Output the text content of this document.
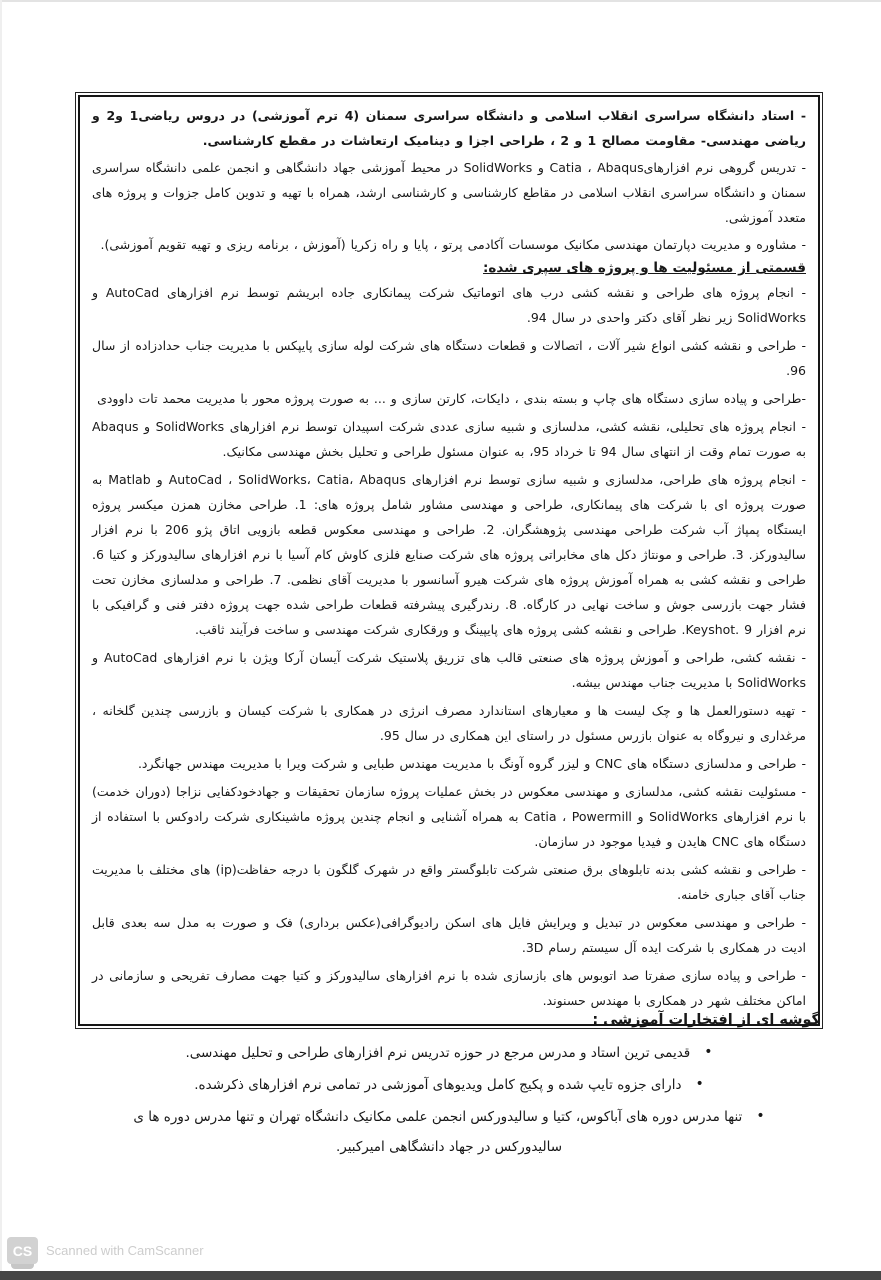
- استاد دانشگاه سراسری انقلاب اسلامی و دانشگاه سراسری سمنان (4 ترم آموزشی) در دروس ریاضی1 و2 و ریاضی مهندسی- مقاومت مصالح 1 و 2 ، طراحی اجزا و دینامیک ارتعاشات در مقطع کارشناسی.

- تدریس گروهی نرم افزارهایCatia ، Abaqus و SolidWorks در محیط آموزشی جهاد دانشگاهی و انجمن علمی دانشگاه سراسری سمنان و دانشگاه سراسری انقلاب اسلامی در مقاطع کارشناسی و کارشناسی ارشد، همراه با تهیه و تدوین کامل جزوات و پروژه های متعدد آموزشی.

- مشاوره و مدیریت دپارتمان مهندسی مکانیک موسسات آکادمی پرتو ، پایا و راه زکریا (آموزش ، برنامه ریزی و تهیه تقویم آموزشی).

قسمتی از مسئولیت ها و پروژه های سپری شده:
- انجام پروژه های طراحی و نقشه کشی درب های اتوماتیک شرکت پیمانکاری جاده ابریشم توسط نرم افزارهای AutoCad و SolidWorks زیر نظر آقای دکتر واحدی در سال 94.
- طراحی و نقشه کشی انواع شیر آلات ، اتصالات و قطعات دستگاه های شرکت لوله سازی پایپکس با مدیریت جناب حدادزاده از سال 96.
-طراحی و پیاده سازی دستگاه های چاپ و بسته بندی ، دایکات، کارتن سازی و ... به صورت پروژه محور با مدیریت محمد تات داوودی
- انجام پروژه های تحلیلی، نقشه کشی، مدلسازی و شبیه سازی عددی شرکت اسپیدان توسط نرم افزارهای SolidWorks و Abaqus به صورت تمام وقت از انتهای سال 94 تا خرداد 95، به عنوان مسئول طراحی و تحلیل بخش مهندسی مکانیک.
- انجام پروژه های طراحی، مدلسازی و شبیه سازی توسط نرم افزارهای AutoCad ، SolidWorks، Catia، Abaqus و Matlab به صورت پروژه ای با شرکت های پیمانکاری، طراحی و مهندسی مشاور شامل پروژه های: 1. طراحی مخازن همزن میکسر پروژه ایستگاه پمپاژ آب شرکت طراحی مهندسی پژوهشگران. 2. طراحی و مهندسی معکوس قطعه بازویی اتاق پژو 206 با نرم افزار سالیدورکز. 3. طراحی و مونتاژ دکل های مخابراتی پروژه های شرکت صنایع فلزی کاوش کام آسیا با نرم افزارهای سالیدورکز و کتیا 6. طراحی و نقشه کشی به همراه آموزش پروژه های شرکت هیرو آسانسور با مدیریت آقای نظمی. 7. طراحی و مدلسازی مخازن تحت فشار جهت بازرسی جوش و ساخت نهایی در کارگاه. 8. رندرگیری پیشرفته قطعات طراحی شده جهت پروژه دفتر فنی و گرافیکی با نرم افزار Keyshot. 9. طراحی و نقشه کشی پروژه های پایپینگ و ورقکاری شرکت مهندسی و ساخت فرآیند ثاقب.
- نقشه کشی، طراحی و آموزش پروژه های صنعتی قالب های تزریق پلاستیک شرکت آیسان آرکا ویژن با نرم افزارهای AutoCad و SolidWorks با مدیریت جناب مهندس بیشه.
- تهیه دستورالعمل ها و چک لیست ها و معیارهای استاندارد مصرف انرژی در همکاری با شرکت کیسان و بازرسی چندین گلخانه ، مرغداری و نیروگاه به عنوان بازرس مسئول در راستای این همکاری در سال 95.
- طراحی و مدلسازی دستگاه های CNC و لیزر گروه آونگ با مدیریت مهندس طبایی و شرکت ویرا با مدیریت مهندس جهانگرد.
- مسئولیت نقشه کشی، مدلسازی و مهندسی معکوس در بخش عملیات پروژه سازمان تحقیقات و جهادخودکفایی نزاجا (دوران خدمت) با نرم افزارهای SolidWorks و Catia ، Powermill به همراه آشنایی و انجام چندین پروژه ماشینکاری شرکت رادوکس با استفاده از دستگاه های CNC هایدن و فیدیا موجود در سازمان.
- طراحی و نقشه کشی بدنه تابلوهای برق صنعتی شرکت تابلوگستر واقع در شهرک گلگون با درجه حفاظت(ip) های مختلف با مدیریت جناب آقای جباری خامنه.
- طراحی و مهندسی معکوس در تبدیل و ویرایش فایل های اسکن رادیوگرافی(عکس برداری) فک و صورت به مدل سه بعدی قابل ادیت در همکاری با شرکت ایده آل سیستم رسام 3D.
- طراحی و پیاده سازی صفرتا صد اتوبوس های بازسازی شده با نرم افزارهای سالیدورکز و کتیا جهت مصارف تفریحی و سازمانی در اماکن مختلف شهر در همکاری با مهندس حسنوند.
گوشه ای از افتخارات آموزشی :
• قدیمی ترین استاد و مدرس مرجع در حوزه تدریس نرم افزارهای طراحی و تحلیل مهندسی.
• دارای جزوه تایپ شده و پکیج کامل ویدیوهای آموزشی در تمامی نرم افزارهای ذکرشده.
• تنها مدرس دوره های آباکوس، کتیا و سالیدورکس انجمن علمی مکانیک دانشگاه تهران و تنها مدرس دوره ها ی سالیدورکس در جهاد دانشگاهی امیرکبیر.
CS	Scanned with CamScanner
